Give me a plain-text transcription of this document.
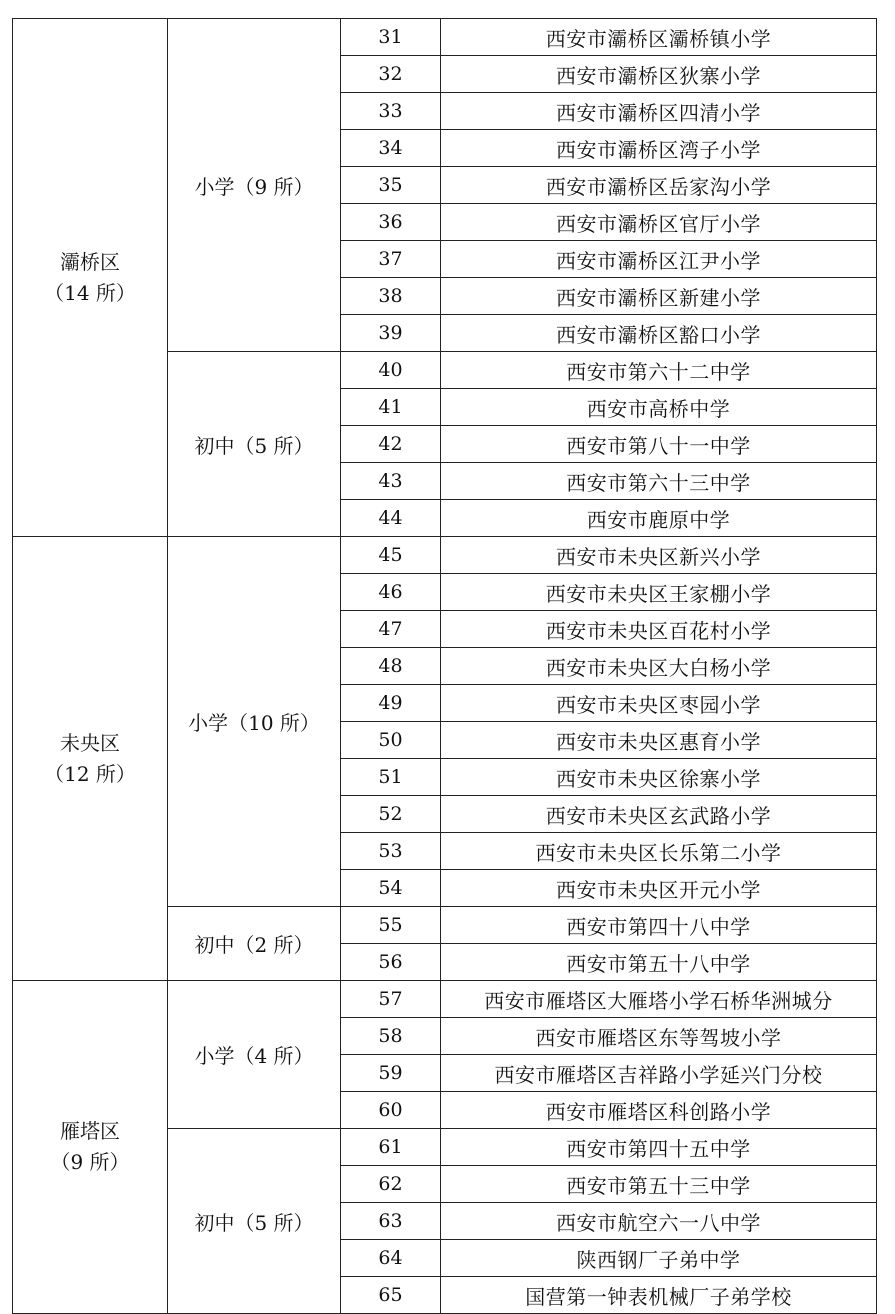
灞桥区
（14 所）	小学（9 所）	31	西安市灞桥区灞桥镇小学
		32	西安市灞桥区狄寨小学
		33	西安市灞桥区四清小学
		34	西安市灞桥区湾子小学
		35	西安市灞桥区岳家沟小学
		36	西安市灞桥区官厅小学
		37	西安市灞桥区江尹小学
		38	西安市灞桥区新建小学
		39	西安市灞桥区豁口小学
	初中（5 所）	40	西安市第六十二中学
		41	西安市高桥中学
		42	西安市第八十一中学
		43	西安市第六十三中学
		44	西安市鹿原中学

未央区
（12 所）	小学（10 所）	45	西安市未央区新兴小学
		46	西安市未央区王家棚小学
		47	西安市未央区百花村小学
		48	西安市未央区大白杨小学
		49	西安市未央区枣园小学
		50	西安市未央区惠育小学
		51	西安市未央区徐寨小学
		52	西安市未央区玄武路小学
		53	西安市未央区长乐第二小学
		54	西安市未央区开元小学
	初中（2 所）	55	西安市第四十八中学
		56	西安市第五十八中学

雁塔区
（9 所）	小学（4 所）	57	西安市雁塔区大雁塔小学石桥华洲城分
		58	西安市雁塔区东等驾坡小学
		59	西安市雁塔区吉祥路小学延兴门分校
		60	西安市雁塔区科创路小学
	初中（5 所）	61	西安市第四十五中学
		62	西安市第五十三中学
		63	西安市航空六一八中学
		64	陕西钢厂子弟中学
		65	国营第一钟表机械厂子弟学校
